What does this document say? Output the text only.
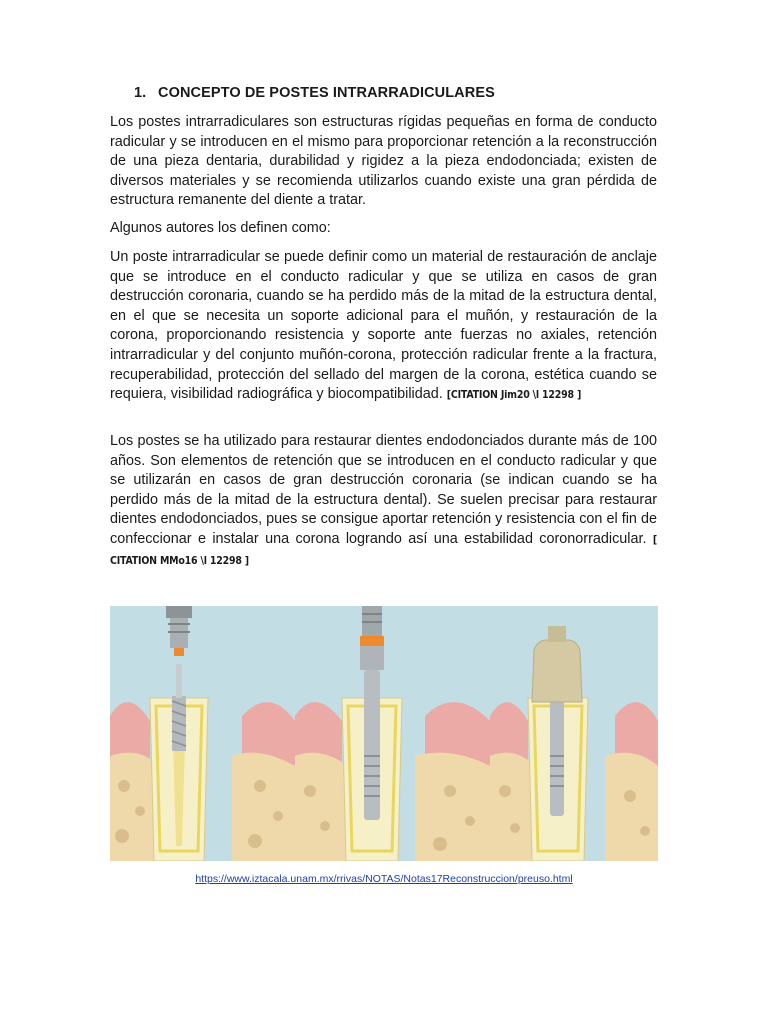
1. CONCEPTO DE POSTES INTRARRADICULARES
Los postes intrarradiculares son estructuras rígidas pequeñas en forma de conducto radicular y se introducen en el mismo para proporcionar retención a la reconstrucción de una pieza dentaria, durabilidad y rigidez a la pieza endodonciada; existen de diversos materiales y se recomienda utilizarlos cuando existe una gran pérdida de estructura remanente del diente a tratar.
Algunos autores los definen como:
Un poste intrarradicular se puede definir como un material de restauración de anclaje que se introduce en el conducto radicular y que se utiliza en casos de gran destrucción coronaria, cuando se ha perdido más de la mitad de la estructura dental, en el que se necesita un soporte adicional para el muñón, y restauración de la corona, proporcionando resistencia y soporte ante fuerzas no axiales, retención intrarradicular y del conjunto muñón-corona, protección radicular frente a la fractura, recuperabilidad, protección del sellado del margen de la corona, estética cuando se requiera, visibilidad radiográfica y biocompatibilidad. [CITATION Jim20 \l 12298 ]
Los postes se ha utilizado para restaurar dientes endodonciados durante más de 100 años. Son elementos de retención que se introducen en el conducto radicular y que se utilizarán en casos de gran destrucción coronaria (se indican cuando se ha perdido más de la mitad de la estructura dental). Se suelen precisar para restaurar dientes endodonciados, pues se consigue aportar retención y resistencia con el fin de confeccionar e instalar una corona logrando así una estabilidad coronorradicular. [ CITATION MMo16 \l 12298 ]
https://www.iztacala.unam.mx/rrivas/NOTAS/Notas17Reconstruccion/preuso.html
